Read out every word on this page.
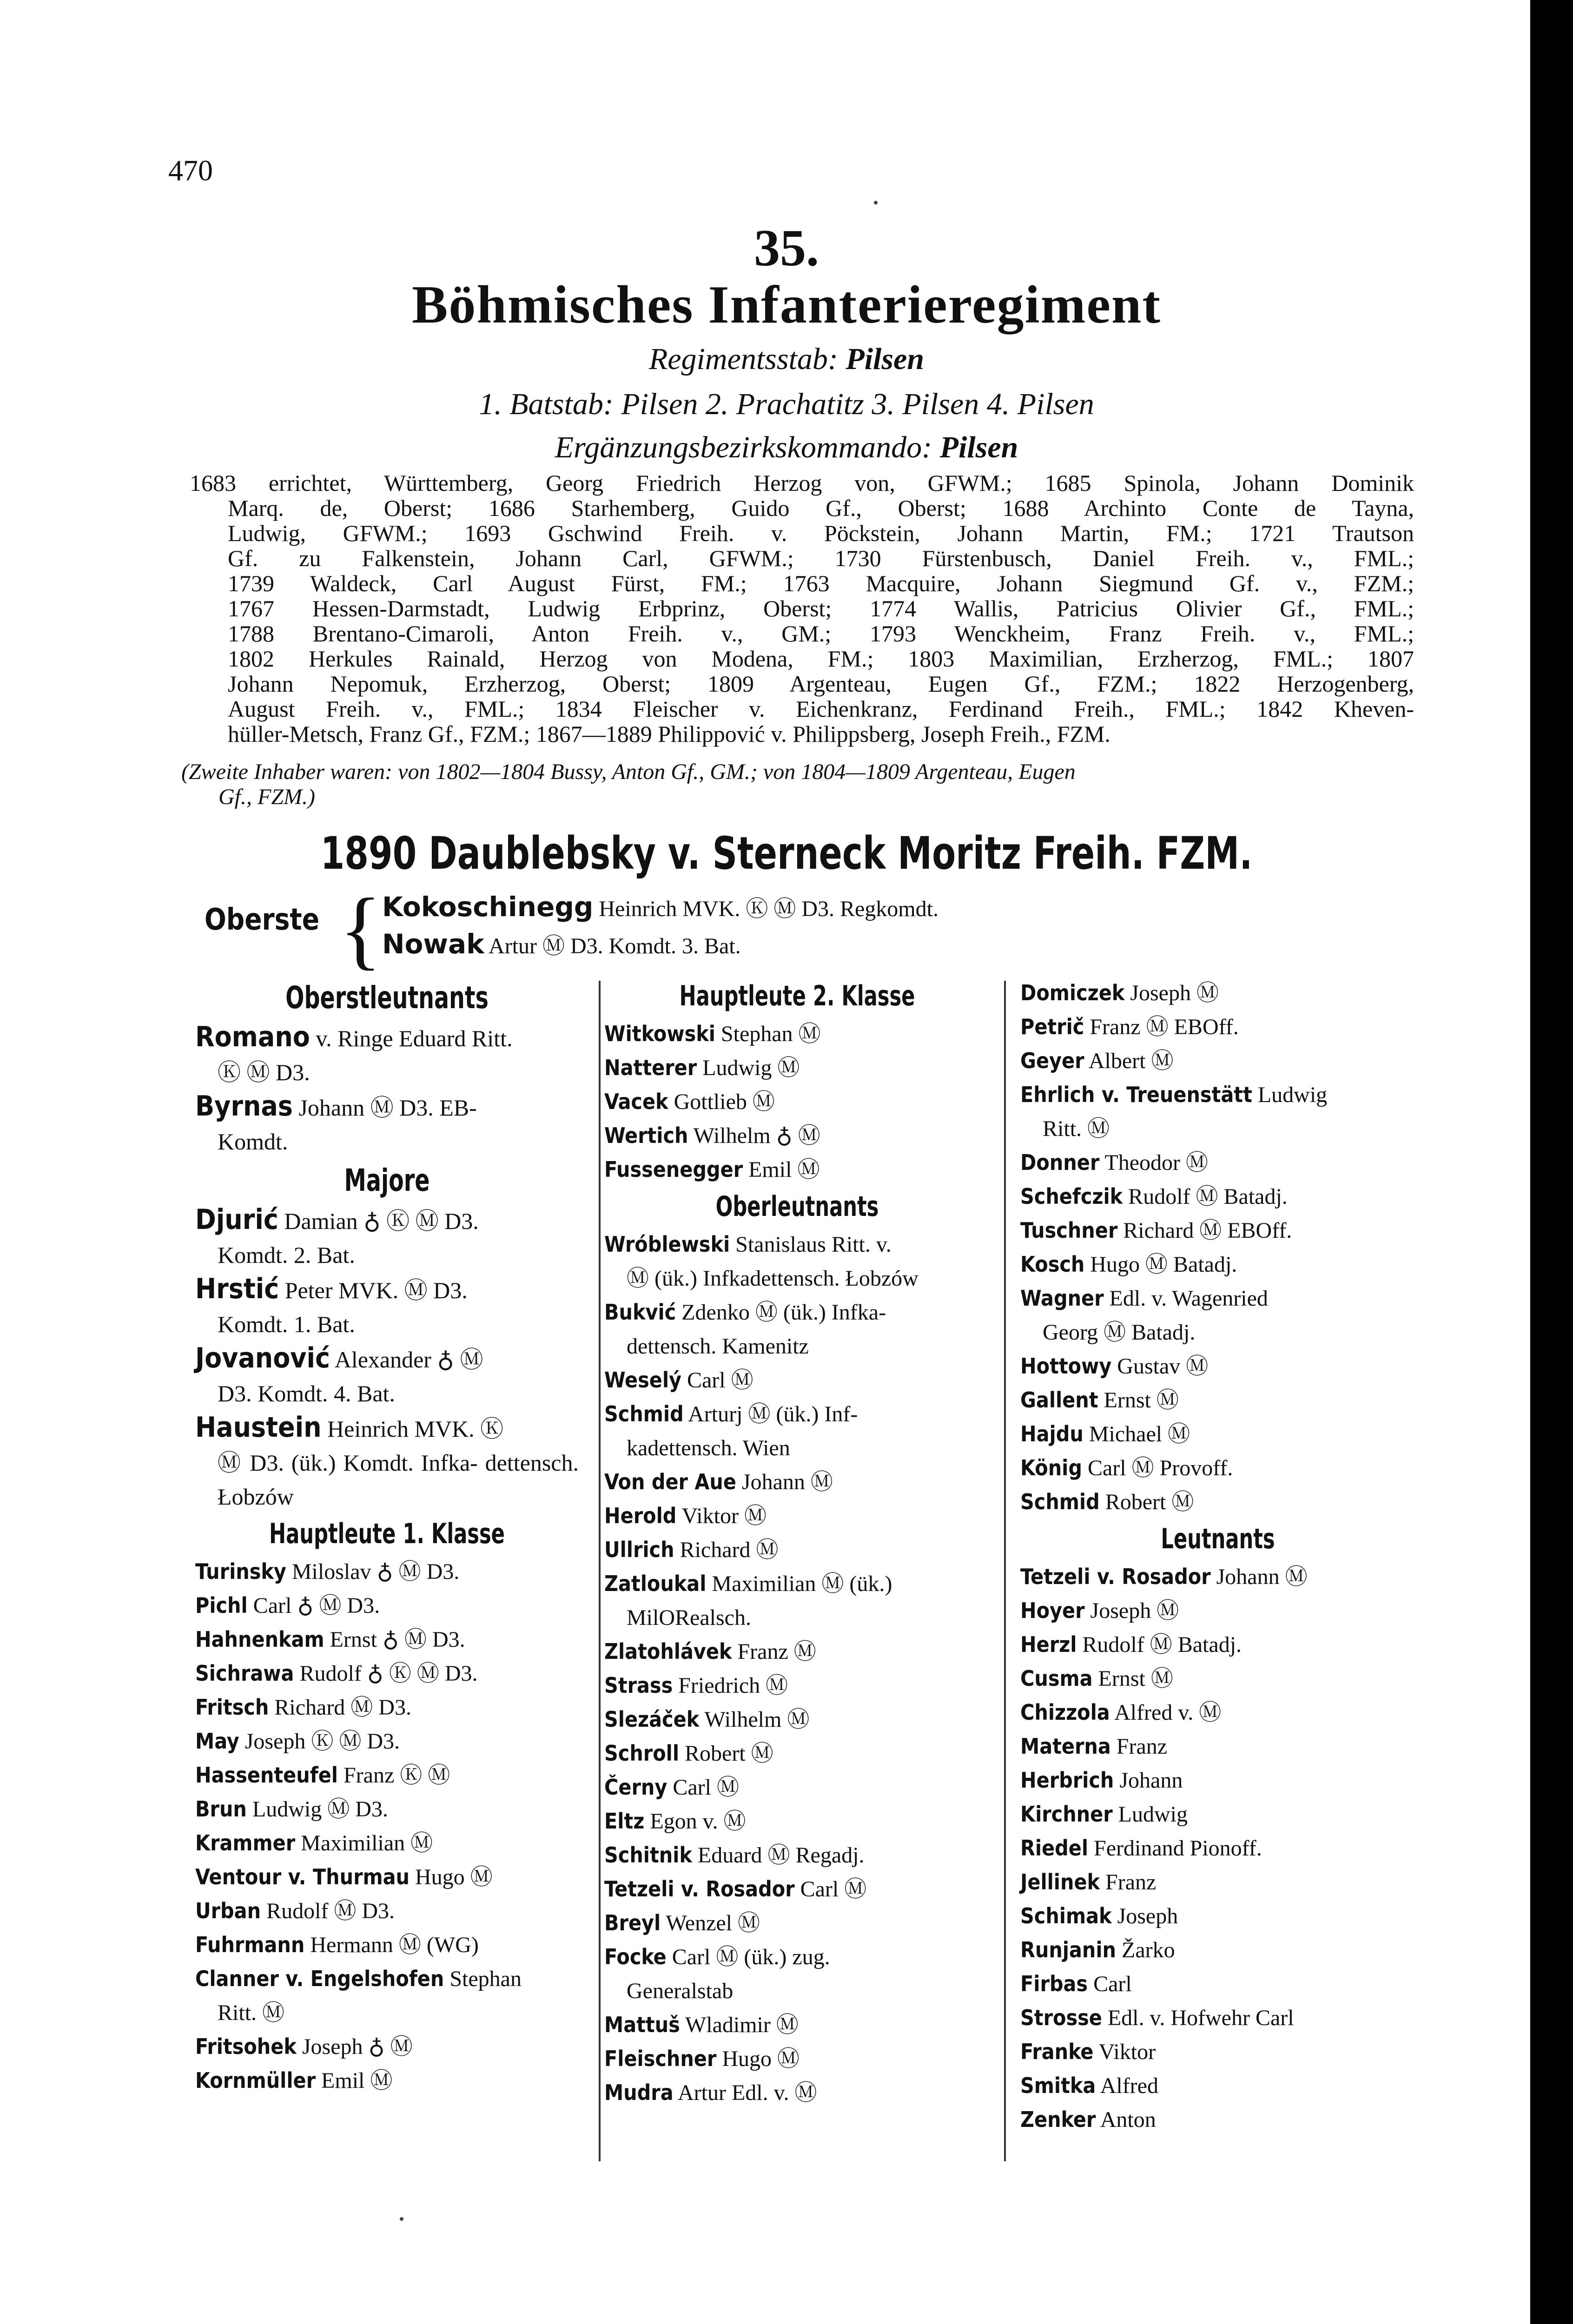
470
35.
Böhmisches Infanterieregiment
Regimentsstab: Pilsen
1. Batstab: Pilsen 2. Prachatitz 3. Pilsen 4. Pilsen
Ergänzungsbezirkskommando: Pilsen
1683 errichtet, Württemberg, Georg Friedrich Herzog von, GFWM.; 1685 Spinola, Johann Dominik
Marq. de, Oberst; 1686 Starhemberg, Guido Gf., Oberst; 1688 Archinto Conte de Tayna,
Ludwig, GFWM.; 1693 Gschwind Freih. v. Pöckstein, Johann Martin, FM.; 1721 Trautson
Gf. zu Falkenstein, Johann Carl, GFWM.; 1730 Fürstenbusch, Daniel Freih. v., FML.;
1739 Waldeck, Carl August Fürst, FM.; 1763 Macquire, Johann Siegmund Gf. v., FZM.;
1767 Hessen-Darmstadt, Ludwig Erbprinz, Oberst; 1774 Wallis, Patricius Olivier Gf., FML.;
1788 Brentano-Cimaroli, Anton Freih. v., GM.; 1793 Wenckheim, Franz Freih. v., FML.;
1802 Herkules Rainald, Herzog von Modena, FM.; 1803 Maximilian, Erzherzog, FML.; 1807
Johann Nepomuk, Erzherzog, Oberst; 1809 Argenteau, Eugen Gf., FZM.; 1822 Herzogenberg,
August Freih. v., FML.; 1834 Fleischer v. Eichenkranz, Ferdinand Freih., FML.; 1842 Kheven-
hüller-Metsch, Franz Gf., FZM.; 1867—1889 Philippović v. Philippsberg, Joseph Freih., FZM.
(Zweite Inhaber waren: von 1802—1804 Bussy, Anton Gf., GM.; von 1804—1809 Argenteau, Eugen
Gf., FZM.)
1890 Daublebsky v. Sterneck Moritz Freih. FZM.
Oberste { Kokoschinegg Heinrich MVK. Ⓚ Ⓜ D3. Regkomdt.
Nowak Artur Ⓜ D3. Komdt. 3. Bat.
Oberstleutnants
Romano v. Ringe Eduard Ritt.
Ⓚ Ⓜ D3.
Byrnas Johann Ⓜ D3. EB-
Komdt.
Majore
Djurić Damian ♁ Ⓚ Ⓜ D3.
Komdt. 2. Bat.
Hrstić Peter MVK. Ⓜ D3.
Komdt. 1. Bat.
Jovanović Alexander ♁ Ⓜ
D3. Komdt. 4. Bat.
Haustein Heinrich MVK. Ⓚ
Ⓜ D3. (ük.) Komdt. Infka- dettensch. Łobzów
Hauptleute 1. Klasse
Turinsky Miloslav ♁ Ⓜ D3.
Pichl Carl ♁ Ⓜ D3.
Hahnenkam Ernst ♁ Ⓜ D3.
Sichrawa Rudolf ♁ Ⓚ Ⓜ D3.
Fritsch Richard Ⓜ D3.
May Joseph Ⓚ Ⓜ D3.
Hassenteufel Franz Ⓚ Ⓜ
Brun Ludwig Ⓜ D3.
Krammer Maximilian Ⓜ
Ventour v. Thurmau Hugo Ⓜ
Urban Rudolf Ⓜ D3.
Fuhrmann Hermann Ⓜ (WG)
Clanner v. Engelshofen Stephan
Ritt. Ⓜ
Fritsohek Joseph ♁ Ⓜ
Kornmüller Emil Ⓜ
Hauptleute 2. Klasse
Witkowski Stephan Ⓜ
Natterer Ludwig Ⓜ
Vacek Gottlieb Ⓜ
Wertich Wilhelm ♁ Ⓜ
Fussenegger Emil Ⓜ
Oberleutnants
Wróblewski Stanislaus Ritt. v.
Ⓜ (ük.) Infkadettensch. Łobzów
Bukvić Zdenko Ⓜ (ük.) Infka-
dettensch. Kamenitz
Weselý Carl Ⓜ
Schmid Arturj Ⓜ (ük.) Inf-
kadettensch. Wien
Von der Aue Johann Ⓜ
Herold Viktor Ⓜ
Ullrich Richard Ⓜ
Zatloukal Maximilian Ⓜ (ük.)
MilORealsch.
Zlatohlávek Franz Ⓜ
Strass Friedrich Ⓜ
Slezáček Wilhelm Ⓜ
Schroll Robert Ⓜ
Černy Carl Ⓜ
Eltz Egon v. Ⓜ
Schitnik Eduard Ⓜ Regadj.
Tetzeli v. Rosador Carl Ⓜ
Breyl Wenzel Ⓜ
Focke Carl Ⓜ (ük.) zug.
Generalstab
Mattuš Wladimir Ⓜ
Fleischner Hugo Ⓜ
Mudra Artur Edl. v. Ⓜ
Domiczek Joseph Ⓜ
Petrič Franz Ⓜ EBOff.
Geyer Albert Ⓜ
Ehrlich v. Treuenstätt Ludwig
Ritt. Ⓜ
Donner Theodor Ⓜ
Schefczik Rudolf Ⓜ Batadj.
Tuschner Richard Ⓜ EBOff.
Kosch Hugo Ⓜ Batadj.
Wagner Edl. v. Wagenried
Georg Ⓜ Batadj.
Hottowy Gustav Ⓜ
Gallent Ernst Ⓜ
Hajdu Michael Ⓜ
König Carl Ⓜ Provoff.
Schmid Robert Ⓜ
Leutnants
Tetzeli v. Rosador Johann Ⓜ
Hoyer Joseph Ⓜ
Herzl Rudolf Ⓜ Batadj.
Cusma Ernst Ⓜ
Chizzola Alfred v. Ⓜ
Materna Franz
Herbrich Johann
Kirchner Ludwig
Riedel Ferdinand Pionoff.
Jellinek Franz
Schimak Joseph
Runjanin Žarko
Firbas Carl
Strosse Edl. v. Hofwehr Carl
Franke Viktor
Smitka Alfred
Zenker Anton
